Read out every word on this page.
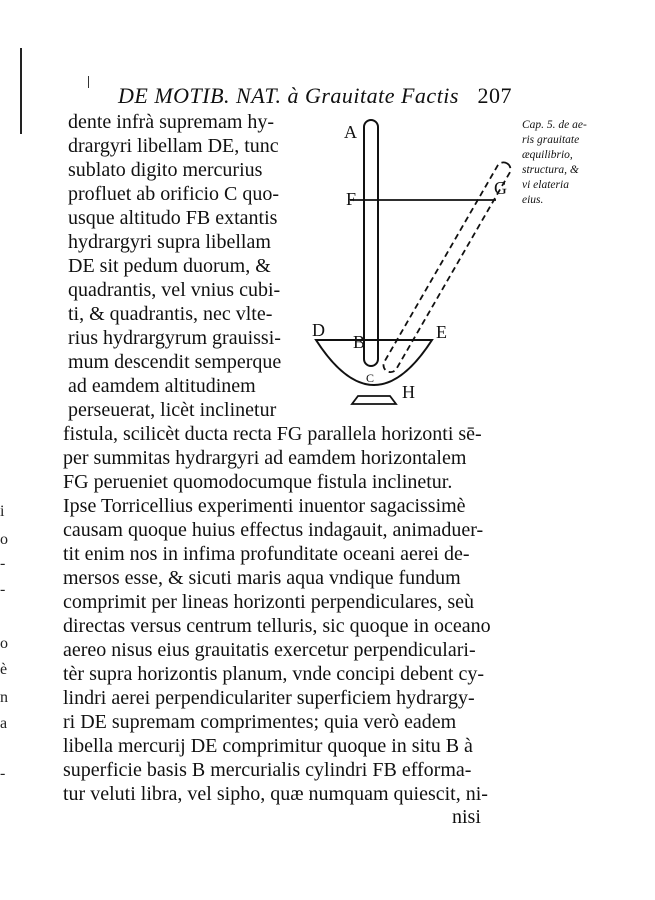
i
o
-
-
o
è
n
a
-
DE MOTIB. NAT. à Grauitate Factis 207
Cap. 5. de ae-
ris grauitate
æquilibrio,
structura, &
vi elateria
eius.
A
F
G
D
B	E
C
H
dente infrà supremam hy-
drargyri libellam DE, tunc
sublato digito mercurius
profluet ab orificio C quo-
usque altitudo FB extantis
hydrargyri supra libellam
DE sit pedum duorum, &
quadrantis, vel vnius cubi-
ti, & quadrantis, nec vlte-
rius hydrargyrum grauissi-
mum descendit semperque
ad eamdem altitudinem
perseuerat, licèt inclinetur
fistula, scilicèt ducta recta FG parallela horizonti sē-
per summitas hydrargyri ad eamdem horizontalem
FG perueniet quomodocumque fistula inclinetur.
Ipse Torricellius experimenti inuentor sagacissimè
causam quoque huius effectus indagauit, animaduer-
tit enim nos in infima profunditate oceani aerei de-
mersos esse, & sicuti maris aqua vndique fundum
comprimit per lineas horizonti perpendiculares, seù
directas versus centrum telluris, sic quoque in oceano
aereo nisus eius grauitatis exercetur perpendiculari-
tèr supra horizontis planum, vnde concipi debent cy-
lindri aerei perpendiculariter superficiem hydrargy-
ri DE supremam comprimentes; quia verò eadem
libella mercurij DE comprimitur quoque in situ B à
superficie basis B mercurialis cylindri FB efforma-
tur veluti libra, vel sipho, quæ numquam quiescit, ni-
nisi
